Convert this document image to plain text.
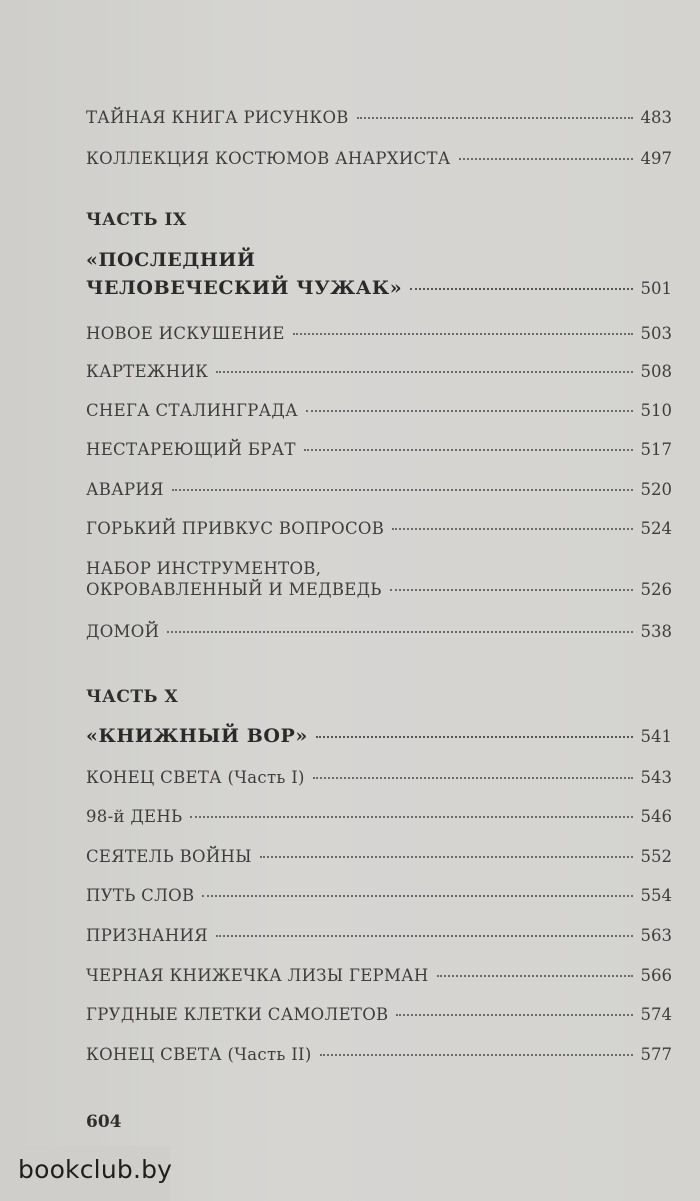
ТАЙНАЯ КНИГА РИСУНКОВ	483
КОЛЛЕКЦИЯ КОСТЮМОВ АНАРХИСТА	497
ЧАСТЬ IX
«ПОСЛЕДНИЙ
ЧЕЛОВЕЧЕСКИЙ ЧУЖАК»	501
НОВОЕ ИСКУШЕНИЕ	503
КАРТЕЖНИК	508
СНЕГА СТАЛИНГРАДА	510
НЕСТАРЕЮЩИЙ БРАТ	517
АВАРИЯ	520
ГОРЬКИЙ ПРИВКУС ВОПРОСОВ	524
НАБОР ИНСТРУМЕНТОВ,
ОКРОВАВЛЕННЫЙ И МЕДВЕДЬ	526
ДОМОЙ	538
ЧАСТЬ X
«КНИЖНЫЙ ВОР»	541
КОНЕЦ СВЕТА (Часть I)	543
98-й ДЕНЬ	546
СЕЯТЕЛЬ ВОЙНЫ	552
ПУТЬ СЛОВ	554
ПРИЗНАНИЯ	563
ЧЕРНАЯ КНИЖЕЧКА ЛИЗЫ ГЕРМАН	566
ГРУДНЫЕ КЛЕТКИ САМОЛЕТОВ	574
КОНЕЦ СВЕТА (Часть II)	577
604
bookclub.by
